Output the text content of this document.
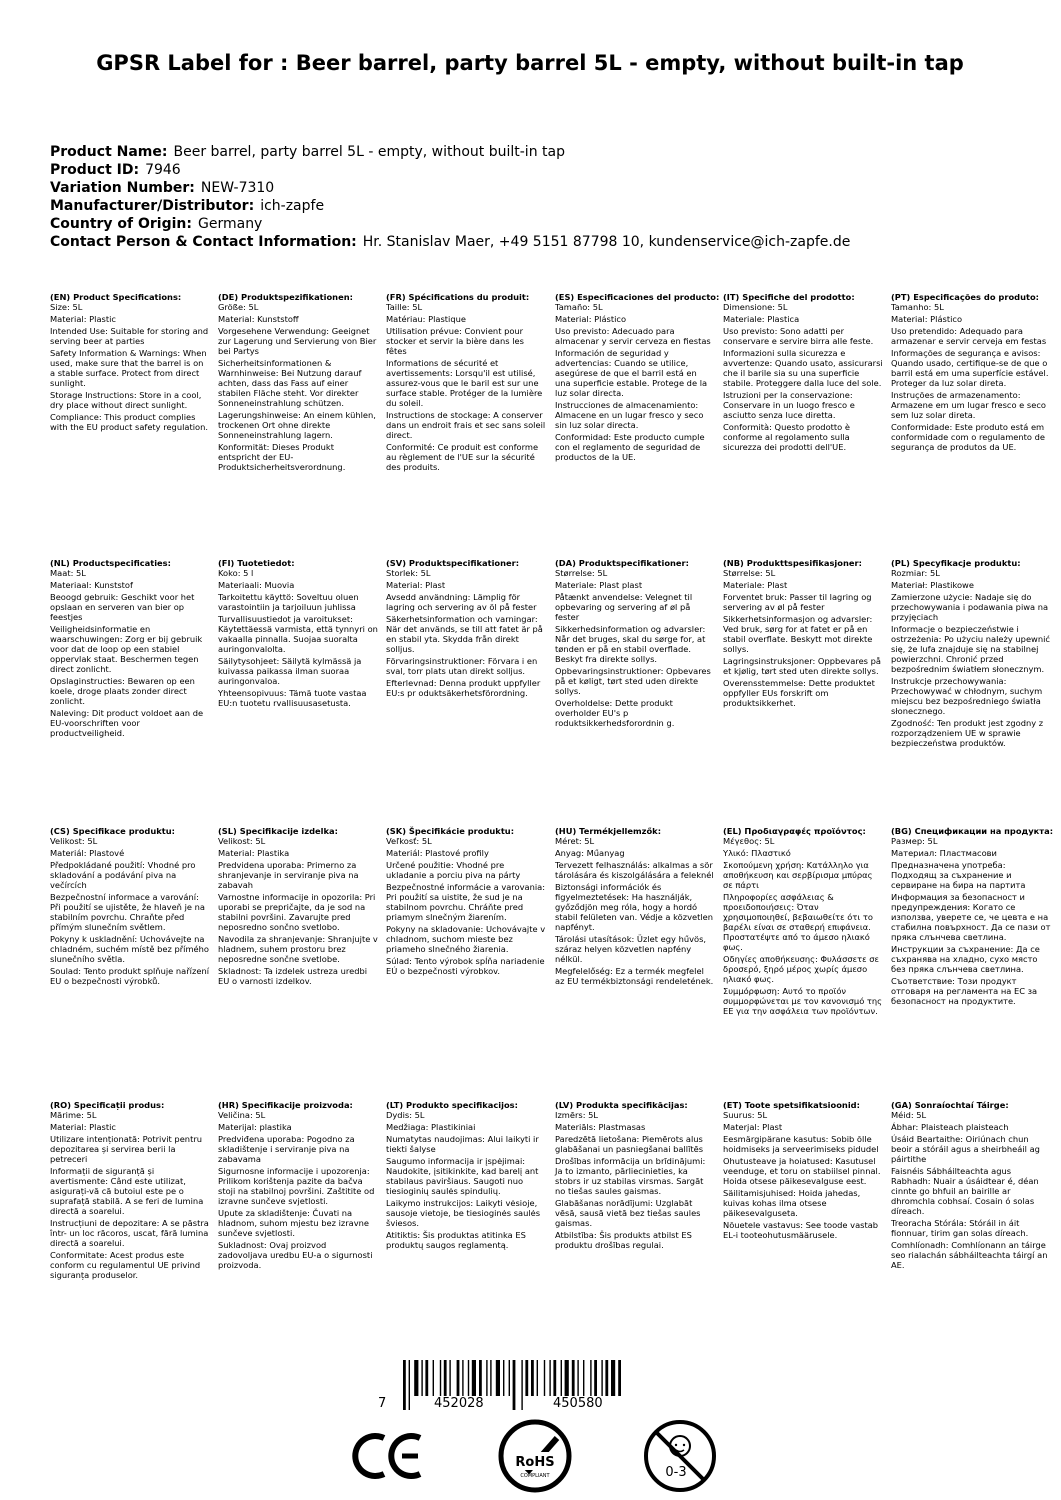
GPSR Label for : Beer barrel, party barrel 5L - empty, without built-in tap
Product Name: Beer barrel, party barrel 5L - empty, without built-in tap
Product ID: 7946
Variation Number: NEW-7310
Manufacturer/Distributor: ich-zapfe
Country of Origin: Germany
Contact Person & Contact Information: Hr. Stanislav Maer, +49 5151 87798 10, kundenservice@ich-zapfe.de
(EN) Product Specifications:
Size: 5L
Material: Plastic
Intended Use: Suitable for storing and serving beer at parties
Safety Information & Warnings: When used, make sure that the barrel is on a stable surface. Protect from direct sunlight.
Storage Instructions: Store in a cool, dry place without direct sunlight.
Compliance: This product complies with the EU product safety regulation.
(DE) Produktspezifikationen:
Größe: 5L
Material: Kunststoff
Vorgesehene Verwendung: Geeignet zur Lagerung und Servierung von Bier bei Partys
Sicherheitsinformationen & Warnhinweise: Bei Nutzung darauf achten, dass das Fass auf einer stabilen Fläche steht. Vor direkter Sonneneinstrahlung schützen.
Lagerungshinweise: An einem kühlen, trockenen Ort ohne direkte Sonneneinstrahlung lagern.
Konformität: Dieses Produkt entspricht der EU-Produktsicherheitsverordnung.
(FR) Spécifications du produit:
Taille: 5L
Matériau: Plastique
Utilisation prévue: Convient pour stocker et servir la bière dans les fêtes
Informations de sécurité et avertissements: Lorsqu'il est utilisé, assurez-vous que le baril est sur une surface stable. Protéger de la lumière du soleil.
Instructions de stockage: A conserver dans un endroit frais et sec sans soleil direct.
Conformité: Ce produit est conforme au règlement de l'UE sur la sécurité des produits.
(ES) Especificaciones del producto:
Tamaño: 5L
Material: Plástico
Uso previsto: Adecuado para almacenar y servir cerveza en fiestas
Información de seguridad y advertencias: Cuando se utilice, asegúrese de que el barril está en una superficie estable. Protege de la luz solar directa.
Instrucciones de almacenamiento: Almacene en un lugar fresco y seco sin luz solar directa.
Conformidad: Este producto cumple con el reglamento de seguridad de productos de la UE.
(IT) Specifiche del prodotto:
Dimensione: 5L
Materiale: Plastica
Uso previsto: Sono adatti per conservare e servire birra alle feste.
Informazioni sulla sicurezza e avvertenze: Quando usato, assicurarsi che il barile sia su una superficie stabile. Proteggere dalla luce del sole.
Istruzioni per la conservazione: Conservare in un luogo fresco e asciutto senza luce diretta.
Conformità: Questo prodotto è conforme al regolamento sulla sicurezza dei prodotti dell'UE.
(PT) Especificações do produto:
Tamanho: 5L
Material: Plástico
Uso pretendido: Adequado para armazenar e servir cerveja em festas
Informações de segurança e avisos: Quando usado, certifique-se de que o barril está em uma superfície estável. Proteger da luz solar direta.
Instruções de armazenamento: Armazene em um lugar fresco e seco sem luz solar direta.
Conformidade: Este produto está em conformidade com o regulamento de segurança de produtos da UE.
(NL) Productspecificaties:
Maat: 5L
Materiaal: Kunststof
Beoogd gebruik: Geschikt voor het opslaan en serveren van bier op feestjes
Veiligheidsinformatie en waarschuwingen: Zorg er bij gebruik voor dat de loop op een stabiel oppervlak staat. Beschermen tegen direct zonlicht.
Opslaginstructies: Bewaren op een koele, droge plaats zonder direct zonlicht.
Naleving: Dit product voldoet aan de EU-voorschriften voor productveiligheid.
(FI) Tuotetiedot:
Koko: 5 l
Materiaali: Muovia
Tarkoitettu käyttö: Soveltuu oluen varastointiin ja tarjoiluun juhlissa
Turvallisuustiedot ja varoitukset: Käytettäessä varmista, että tynnyri on vakaalla pinnalla. Suojaa suoralta auringonvalolta.
Säilytysohjeet: Säilytä kylmässä ja kuivassa paikassa ilman suoraa auringonvaloa.
Yhteensopivuus: Tämä tuote vastaa EU:n tuotetu rvallisuusasetusta.
(SV) Produktspecifikationer:
Storlek: 5L
Material: Plast
Avsedd användning: Lämplig för lagring och servering av öl på fester
Säkerhetsinformation och varningar: När det används, se till att fatet är på en stabil yta. Skydda från direkt solljus.
Förvaringsinstruktioner: Förvara i en sval, torr plats utan direkt solljus.
Efterlevnad: Denna produkt uppfyller EU:s pr oduktsäkerhetsförordning.
(DA) Produktspecifikationer:
Størrelse: 5L
Materiale: Plast plast
Påtænkt anvendelse: Velegnet til opbevaring og servering af øl på fester
Sikkerhedsinformation og advarsler: Når det bruges, skal du sørge for, at tønden er på en stabil overflade. Beskyt fra direkte sollys.
Opbevaringsinstruktioner: Opbevares på et køligt, tørt sted uden direkte sollys.
Overholdelse: Dette produkt overholder EU's p roduktsikkerhedsforordnin g.
(NB) Produkttspesifikasjoner:
Størrelse: 5L
Materiale: Plast
Forventet bruk: Passer til lagring og servering av øl på fester
Sikkerhetsinformasjon og advarsler: Ved bruk, sørg for at fatet er på en stabil overflate. Beskytt mot direkte sollys.
Lagringsinstruksjoner: Oppbevares på et kjølig, tørt sted uten direkte sollys.
Overensstemmelse: Dette produktet oppfyller EUs forskrift om produktsikkerhet.
(PL) Specyfikacje produktu:
Rozmiar: 5L
Materiał: Plastikowe
Zamierzone użycie: Nadaje się do przechowywania i podawania piwa na przyjęciach
Informacje o bezpieczeństwie i ostrzeżenia: Po użyciu należy upewnić się, że lufa znajduje się na stabilnej powierzchni. Chronić przed bezpośrednim światłem słonecznym.
Instrukcje przechowywania: Przechowywać w chłodnym, suchym miejscu bez bezpośredniego światła słonecznego.
Zgodność: Ten produkt jest zgodny z rozporządzeniem UE w sprawie bezpieczeństwa produktów.
(CS) Specifikace produktu:
Velikost: 5L
Materiál: Plastové
Předpokládané použití: Vhodné pro skladování a podávání piva na večírcích
Bezpečnostní informace a varování: Při použití se ujistěte, že hlaveň je na stabilním povrchu. Chraňte před přímým slunečním světlem.
Pokyny k uskladnění: Uchovávejte na chladném, suchém místě bez přímého slunečního světla.
Soulad: Tento produkt splňuje nařízení EU o bezpečnosti výrobků.
(SL) Specifikacije izdelka:
Velikost: 5L
Material: Plastika
Predvidena uporaba: Primerno za shranjevanje in serviranje piva na zabavah
Varnostne informacije in opozorila: Pri uporabi se prepričajte, da je sod na stabilni površini. Zavarujte pred neposredno sončno svetlobo.
Navodila za shranjevanje: Shranjujte v hladnem, suhem prostoru brez neposredne sončne svetlobe.
Skladnost: Ta izdelek ustreza uredbi EU o varnosti izdelkov.
(SK) Špecifikácie produktu:
Veľkosť: 5L
Materiál: Plastové profily
Určené použitie: Vhodné pre ukladanie a porciu piva na párty
Bezpečnostné informácie a varovania: Pri použití sa uistite, že sud je na stabilnom povrchu. Chráňte pred priamym slnečným žiarením.
Pokyny na skladovanie: Uchovávajte v chladnom, suchom mieste bez priameho slnečného žiarenia.
Súlad: Tento výrobok spĺňa nariadenie EÚ o bezpečnosti výrobkov.
(HU) Termékjellemzők:
Méret: 5L
Anyag: Műanyag
Tervezett felhasználás: alkalmas a sör tárolására és kiszolgálására a feleknél
Biztonsági információk és figyelmeztetések: Ha használják, győződjön meg róla, hogy a hordó stabil felületen van. Védje a közvetlen napfényt.
Tárolási utasítások: Üzlet egy hűvös, száraz helyen közvetlen napfény nélkül.
Megfelelőség: Ez a termék megfelel az EU termékbiztonsági rendeletének.
(EL) Προδιαγραφές προϊόντος:
Μέγεθος: 5L
Υλικό: Πλαστικό
Σκοπούμενη χρήση: Κατάλληλο για αποθήκευση και σερβίρισμα μπύρας σε πάρτι
Πληροφορίες ασφάλειας & προειδοποιήσεις: Όταν χρησιμοποιηθεί, βεβαιωθείτε ότι το βαρέλι είναι σε σταθερή επιφάνεια. Προστατέψτε από το άμεσο ηλιακό φως.
Οδηγίες αποθήκευσης: Φυλάσσετε σε δροσερό, ξηρό μέρος χωρίς άμεσο ηλιακό φως.
Συμμόρφωση: Αυτό το προϊόν συμμορφώνεται με τον κανονισμό της ΕΕ για την ασφάλεια των προϊόντων.
(BG) Спецификации на продукта:
Размер: 5L
Материал: Пластмасови
Предназначена употреба: Подходящ за съхранение и сервиране на бира на партита
Информация за безопасност и предупреждения: Когато се използва, уверете се, че цевта е на стабилна повърхност. Да се пази от пряка слънчева светлина.
Инструкции за съхранение: Да се съхранява на хладно, сухо място без пряка слънчева светлина.
Съответствие: Този продукт отговаря на регламента на ЕС за безопасност на продуктите.
(RO) Specificații produs:
Mărime: 5L
Material: Plastic
Utilizare intenționată: Potrivit pentru depozitarea și servirea berii la petreceri
Informații de siguranță și avertismente: Când este utilizat, asigurați-vă că butoiul este pe o suprafață stabilă. A se feri de lumina directă a soarelui.
Instrucțiuni de depozitare: A se păstra într- un loc răcoros, uscat, fără lumina directă a soarelui.
Conformitate: Acest produs este conform cu regulamentul UE privind siguranța produselor.
(HR) Specifikacije proizvoda:
Veličina: 5L
Materijal: plastika
Predviđena uporaba: Pogodno za skladištenje i serviranje piva na zabavama
Sigurnosne informacije i upozorenja: Prilikom korištenja pazite da bačva stoji na stabilnoj površini. Zaštitite od izravne sunčeve svjetlosti.
Upute za skladištenje: Čuvati na hladnom, suhom mjestu bez izravne sunčeve svjetlosti.
Sukladnost: Ovaj proizvod zadovoljava uredbu EU-a o sigurnosti proizvoda.
(LT) Produkto specifikacijos:
Dydis: 5L
Medžiaga: Plastikiniai
Numatytas naudojimas: Alui laikyti ir tiekti šalyse
Saugumo informacija ir įspėjimai: Naudokite, įsitikinkite, kad barelį ant stabilaus paviršiaus. Saugoti nuo tiesioginių saulės spindulių.
Laikymo instrukcijos: Laikyti vėsioje, sausoje vietoje, be tiesioginės saulės šviesos.
Atitiktis: Šis produktas atitinka ES produktų saugos reglamentą.
(LV) Produkta specifikācijas:
Izmērs: 5L
Materiāls: Plastmasas
Paredzētā lietošana: Piemērots alus glabāšanai un pasniegšanai ballītēs
Drošības informācija un brīdinājumi: Ja to izmanto, pārliecinieties, ka stobrs ir uz stabilas virsmas. Sargāt no tiešas saules gaismas.
Glabāšanas norādījumi: Uzglabāt vēsā, sausā vietā bez tiešas saules gaismas.
Atbilstība: Šis produkts atbilst ES produktu drošības regulai.
(ET) Toote spetsifikatsioonid:
Suurus: 5L
Materjal: Plast
Eesmärgipärane kasutus: Sobib õlle hoidmiseks ja serveerimiseks pidudel
Ohutusteave ja hoiatused: Kasutusel veenduge, et toru on stabiilsel pinnal. Hoida otsese päikesevalguse eest.
Säilitamisjuhised: Hoida jahedas, kuivas kohas ilma otsese päikesevalguseta.
Nõuetele vastavus: See toode vastab EL-i tooteohutusmäärusele.
(GA) Sonraíochtaí Táirge:
Méid: 5L
Ábhar: Plaisteach plaisteach
Úsáid Beartaithe: Oiriúnach chun beoir a stóráil agus a sheirbheáil ag páirtithe
Faisnéis Sábháilteachta agus Rabhadh: Nuair a úsáidtear é, déan cinnte go bhfuil an bairille ar dhromchla cobhsaí. Cosain ó solas díreach.
Treoracha Stórála: Stóráil in áit fionnuar, tirim gan solas díreach.
Comhlíonadh: Comhlíonann an táirge seo rialachán sábháilteachta táirgí an AE.
7	452028	450580
RoHS
COMPLIANT	0-3
